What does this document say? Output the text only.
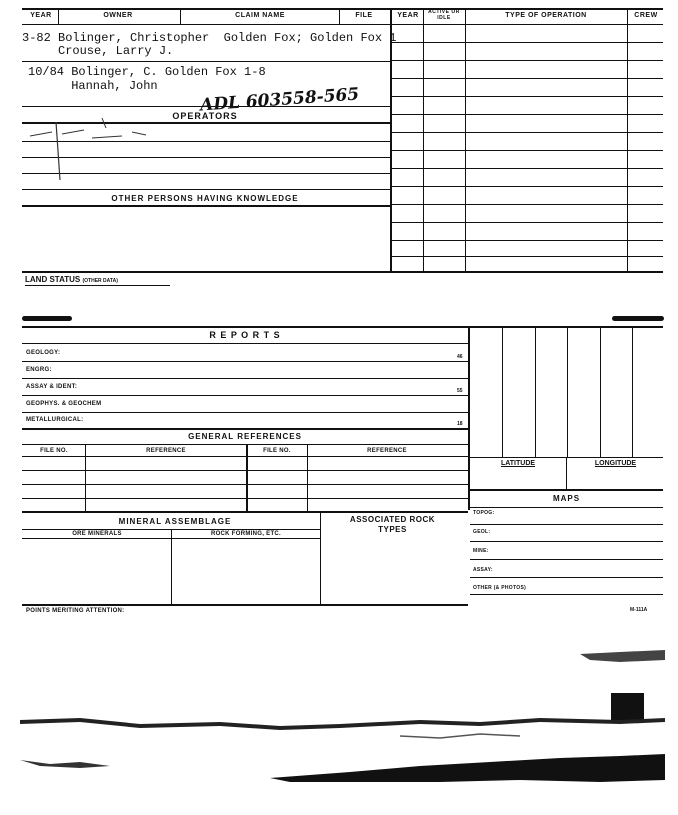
YEAR	OWNER	CLAIM NAME	FILE	YEAR	ACTIVE OR IDLE	TYPE OF OPERATION	CREW
3-82 Bolinger, Christopher  Golden Fox; Golden Fox 1
Crouse, Larry J.
10/84 Bolinger, C. Golden Fox 1-8
Hannah, John ADL 603558-565
OPERATORS
OTHER PERSONS HAVING KNOWLEDGE
LAND STATUS (OTHER DATA)
R E P O R T S
GEOLOGY:
46
ENGRG:
ASSAY & IDENT:
55
GEOPHYS. & GEOCHEM
METALLURGICAL:
18
LATITUDE	LONGITUDE
MAPS
TOPOG:
GEOL:
MINE:
ASSAY:
OTHER (& PHOTOS)
GENERAL REFERENCES
FILE NO.	REFERENCE	FILE NO.	REFERENCE
MINERAL ASSEMBLAGE	ASSOCIATED ROCK TYPES
ORE MINERALS	ROCK FORMING, ETC.
POINTS MERITING ATTENTION:	M-111A
